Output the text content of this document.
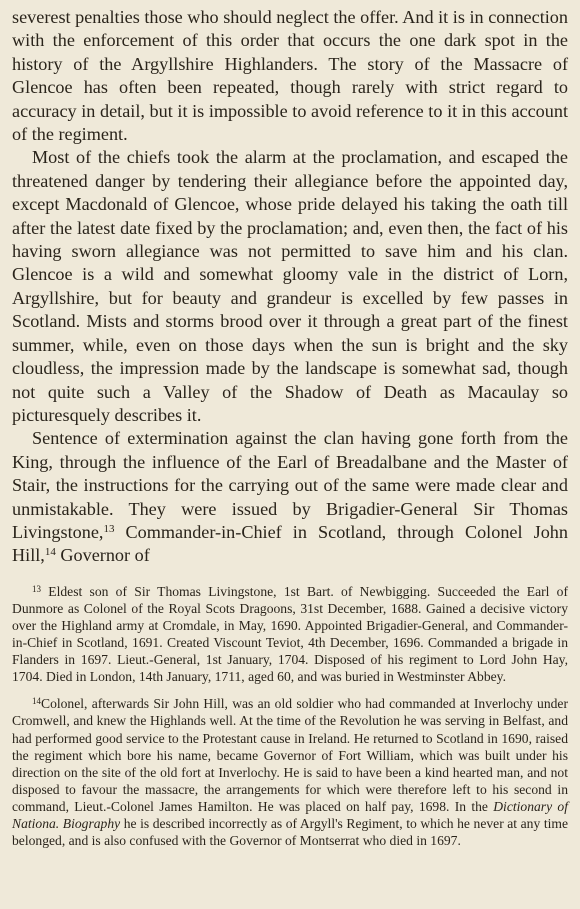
severest penalties those who should neglect the offer. And it is in connection with the enforcement of this order that occurs the one dark spot in the history of the Argyllshire Highlanders. The story of the Massacre of Glencoe has often been repeated, though rarely with strict regard to accuracy in detail, but it is impossible to avoid reference to it in this account of the regiment.

Most of the chiefs took the alarm at the proclamation, and escaped the threatened danger by tendering their allegiance before the appointed day, except Macdonald of Glencoe, whose pride delayed his taking the oath till after the latest date fixed by the proclamation; and, even then, the fact of his having sworn allegiance was not permitted to save him and his clan. Glencoe is a wild and somewhat gloomy vale in the district of Lorn, Argyllshire, but for beauty and grandeur is excelled by few passes in Scotland. Mists and storms brood over it through a great part of the finest summer, while, even on those days when the sun is bright and the sky cloudless, the impression made by the landscape is somewhat sad, though not quite such a Valley of the Shadow of Death as Macaulay so picturesquely describes it.

Sentence of extermination against the clan having gone forth from the King, through the influence of the Earl of Breadalbane and the Master of Stair, the instructions for the carrying out of the same were made clear and unmistakable. They were issued by Brigadier-General Sir Thomas Livingstone,$^{13}$ Commander-in-Chief in Scotland, through Colonel John Hill,$^{14}$ Governor of

$^{13}$ Eldest son of Sir Thomas Livingstone, 1st Bart. of Newbigging. Succeeded the Earl of Dunmore as Colonel of the Royal Scots Dragoons, 31st December, 1688. Gained a decisive victory over the Highland army at Cromdale, in May, 1690. Appointed Brigadier-General, and Commander-in-Chief in Scotland, 1691. Created Viscount Teviot, 4th December, 1696. Commanded a brigade in Flanders in 1697. Lieut.-General, 1st January, 1704. Disposed of his regiment to Lord John Hay, 1704. Died in London, 14th January, 1711, aged 60, and was buried in Westminster Abbey.

$^{14}$Colonel, afterwards Sir John Hill, was an old soldier who had commanded at Inverlochy under Cromwell, and knew the Highlands well. At the time of the Revolution he was serving in Belfast, and had performed good service to the Protestant cause in Ireland. He returned to Scotland in 1690, raised the regiment which bore his name, became Governor of Fort William, which was built under his direction on the site of the old fort at Inverlochy. He is said to have been a kind hearted man, and not disposed to favour the massacre, the arrangements for which were therefore left to his second in command, Lieut.-Colonel James Hamilton. He was placed on half pay, 1698. In the Dictionary of Nationa. Biography he is described incorrectly as of Argyll's Regiment, to which he never at any time belonged, and is also confused with the Governor of Montserrat who died in 1697.
